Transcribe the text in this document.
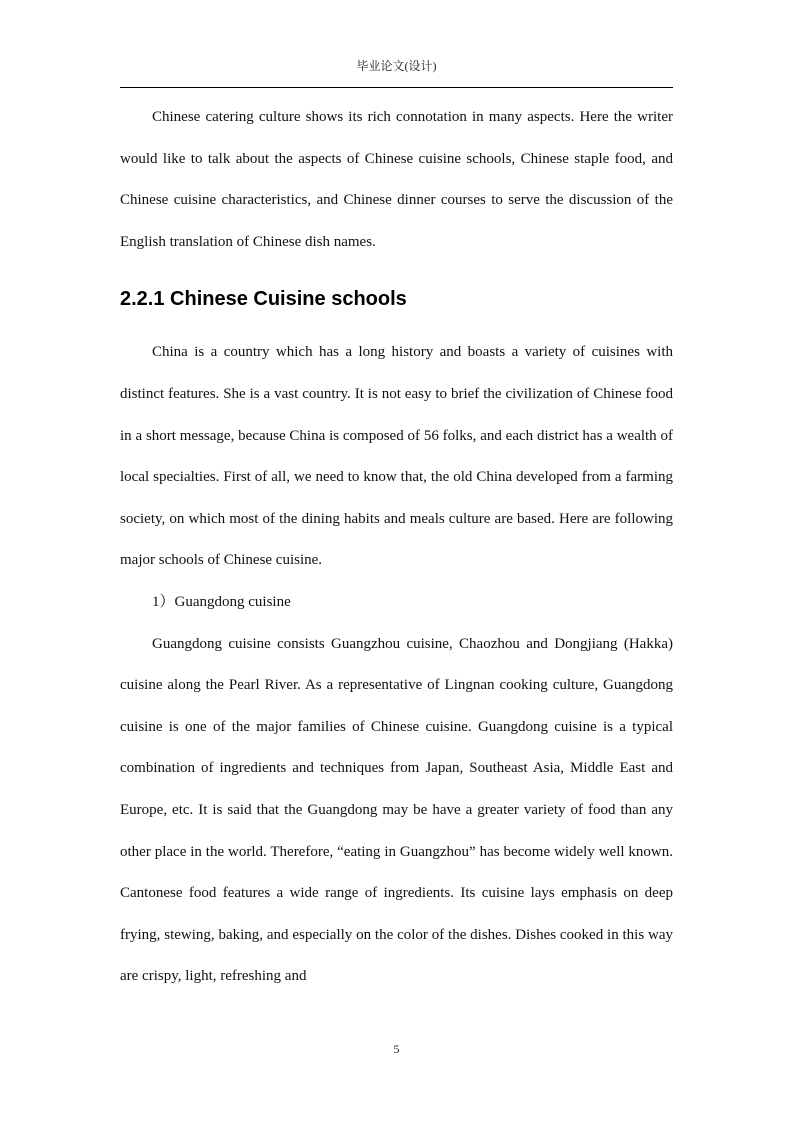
毕业论文(设计)

Chinese catering culture shows its rich connotation in many aspects. Here the writer would like to talk about the aspects of Chinese cuisine schools, Chinese staple food, and Chinese cuisine characteristics, and Chinese dinner courses to serve the discussion of the English translation of Chinese dish names.

2.2.1 Chinese Cuisine schools

China is a country which has a long history and boasts a variety of cuisines with distinct features. She is a vast country. It is not easy to brief the civilization of Chinese food in a short message, because China is composed of 56 folks, and each district has a wealth of local specialties. First of all, we need to know that, the old China developed from a farming society, on which most of the dining habits and meals culture are based. Here are following major schools of Chinese cuisine.

1）Guangdong cuisine

Guangdong cuisine consists Guangzhou cuisine, Chaozhou and Dongjiang (Hakka) cuisine along the Pearl River. As a representative of Lingnan cooking culture, Guangdong cuisine is one of the major families of Chinese cuisine. Guangdong cuisine is a typical combination of ingredients and techniques from Japan, Southeast Asia, Middle East and Europe, etc. It is said that the Guangdong may be have a greater variety of food than any other place in the world. Therefore, “eating in Guangzhou” has become widely well known. Cantonese food features a wide range of ingredients. Its cuisine lays emphasis on deep frying, stewing, baking, and especially on the color of the dishes. Dishes cooked in this way are crispy, light, refreshing and

5
